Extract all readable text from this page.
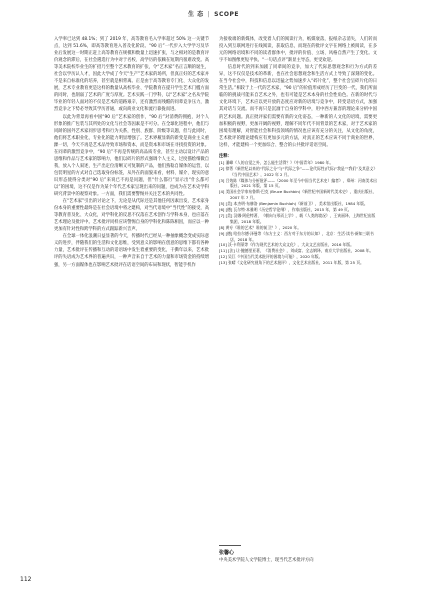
生 态 | SCOPE

入学率已达到 48.1%；到了 2019 年，高等教育毛入学率超过 50% 这一关键节点，达到 51.6%，即高等教育进入普及化阶段。“90 后”一代步入大学学习及毕业后发展这一时期正赶上高等教育在规模和数量上迅速扩张，与之相对的是教育评价观念的滞后，在社会遴选行为中对于名校、高学历的依赖在短期内很难改变。高等美术院校毕业生的扩招乃至整个艺术教育的扩张，令“艺术家”名正言顺的诞生，社会以学历认人才，因此大学成了今天“生产”艺术家的场所，但真正好的艺术家并不是来自标准化的培养，甚至就是相背离。正是由于高等教育专门化、大众化的发展，艺术专业教育更是这样的数量从高校毕业、学院教育在提升学生艺术门槛方面的同时，也削弱了艺术的广度与厚度。艺术实践一门学科，以“艺术家”之名从学院毕业的年轻人面对的不仅是艺术的道路艰辛，还有激烈而残酷的同辈竞争压力，激烈竞争之下势必导致其学历普通，或向商业文化和流行靠拢而进。

以此为背景再看中国“90 后”艺术家的创作，“90 后”对消费的拥抱，对个人形象的推广包装与其所处的文化与社会等因素是不可分。在全球化进程中，他们与同龄的国外艺术家同步思考和行为关系，性别、族群、阶级等议题，但与此同时，他们将艺术职业化，专业化的能力明显增强了。艺术界履显新的新变是商业主义重蹂一切，今天不再是艺术品导致市场和资本，而是资本和市场在寻找投资的对象。在同辈的激烈竞争中，“90 后”不再是传统的高品质专业，甚至主动以设计产品的思维和作品与艺术家的影响力，他们以碎片的形式强调个人主义，过度描绘细微自我，放入个人叙述，生产出定位清晰又可复制的产品，他们熟稔自媒体的运营，以包装明星的方式对自己选取身份标签，从外在的面貌来看，材料、媒介、现实的意识形态使得分类对“90 后”来说已不再是问题，但“什么都行”显示出“什么都可以”的困境，这不仅是作为某个年代艺术家呈现出来的问题，也成为在艺术史学科研究背景中的观察对象。一方面，我们需要警惕并关注艺术的共同性。

在“艺术家”引出的讨论之下，无论是从代际还是其他任何因素出发，艺术家身份本身的重要性最终是在社会语境中将之建构，对当代语境中“当代性”的接受，高等教育普及化、大众化，对学科化的反思不仅落在艺术创作与学科本身，也应落在艺术理论及批评中。艺术批评同样应该警惕自身的学科化和陈陈相因，而应以一种更加有针对性和跨学科的方式跟踪新兴音声。

在全球一体化浪潮日益显著的今天，传播时代已经从一种抽象概念变成实际意义的进步，伴随我们的生活和文化思维，受到意义的影响在创意的思维下都有各种力量，艺术批评在传播和互动的话语场中发生着重要的变化，干撕年以来，艺术批评的失语成为艺术界的普遍共识，一种声音来自于艺术的力量和市场资金的持续增强，另一方面媒体也在影响艺术批评在话语空间的布局和现状，智能手机作

为接收端的新媒体，改变着人们的阅读行为，纸媒衰落，报纸杂志消失，人们转而投入到互联网进行在线阅读，获取信息，而现在的批评文字在网络上被阅读，在多元的网络语境和不同的读者群体中，批评的价值、立场、风格自然产生了变化。文字不如图像更短平快。“一句话点评”渐显主导态，更受欢迎。

信息时代的到来加剧了同辈间的竞争，加大了代际思想观念和行为方式的差异，这不仅仅是技术的革新，也在社会思想观念和生活方式上导致了深刻的变化。在当今社会中，科技和信息以迅猛之势加速步入“碎片化”，整个社会呈碎片化的日常生活。”相较于上一代的艺术家，“90 后”的价值形成经历了巨变的一代，我们所面临的的挑战可能来自艺术之外，也有可能是艺术本身的社会性角色。在新的时代与文化环境下，艺术应以更开放的态度应对新的语境与竞争中，转变话语方式，加强其对话与交流。而不再只是沉湎于自身的学科中，用中西方兼容的理论来分析中国的艺术问题。真正批评家们需要有新的文化姿态，一种新的人文化的语境，需要更加积极的视野，更加开阔的视野，理解不同年代不同背景的艺术家，对于艺术家的困境有理解，对智能社会和科技领域的情况也应该有充分的关注，从文化的角度，艺术批评的理论建构应有更加多元的方法，对真正的艺术应该不同于商业的世界，这样，才能建构一个更加综合、整合的公共批评话语空间。

注释：
[1] 潘峰《人的自觉之外，怎么能生活得？》《中国青年》1980 年。
[2] 徐菁《新世纪以来的“代际之分”与“代际之争”——论代际性(代际)“我是”“我们”及其意义》《当代中国艺术》，2022 年 2 月。
[3] 吕效陈《媒体与分析批评——（2000 年至今中国当代艺术史）编者》，郑州：河南美术出版社，2021 年版，第 15 页。
[4] 美国社会学家布鲁斯·巴克 (Bruce Buchbin)《新世纪中国新时代美术史》，重庆出版社，2007 年 7 月。
[5] [美] 本杰明·布赫洛 (Benjamin Buchloh)《新前卫》，美术馆出版社，1984 年版。
[6] [德] 瓦尔特·本雅明《历史哲学论纲》，作家出版社，2015 年，第 49 页。
[7] [美] 汉娜·阿伦特著，《朝向与形而上学》，载《人类的境况》，王寅丽译，上海世纪出版集团，2018 年版。
[8] 黄专《谁的艺术？谁的前卫？》，2020 年。
[9] [德] 哈拉尔德·泽曼等《东方主义：西方对于东方的认知》，北京：生活·读书·新知三联书店，2018 年。
[10] 沃·卡利莱等《作为现代艺术的大众文化》，大众文艺出版社，2016 年版。
[11] [法] 让·鲍德里亚著，《消费社会》，刘成富、全志钢译，南京大学出版社，2008 年。
[12] 吴江《中国当代美术批评的困境与可能》，2020 年版。
[13] 张晴《文化研究视角下的艺术批评》，文化艺术出版社，2011 年版，第 25 页。
张馨心
中央美术学院人文学院博士，现当代艺术批评方向
112
